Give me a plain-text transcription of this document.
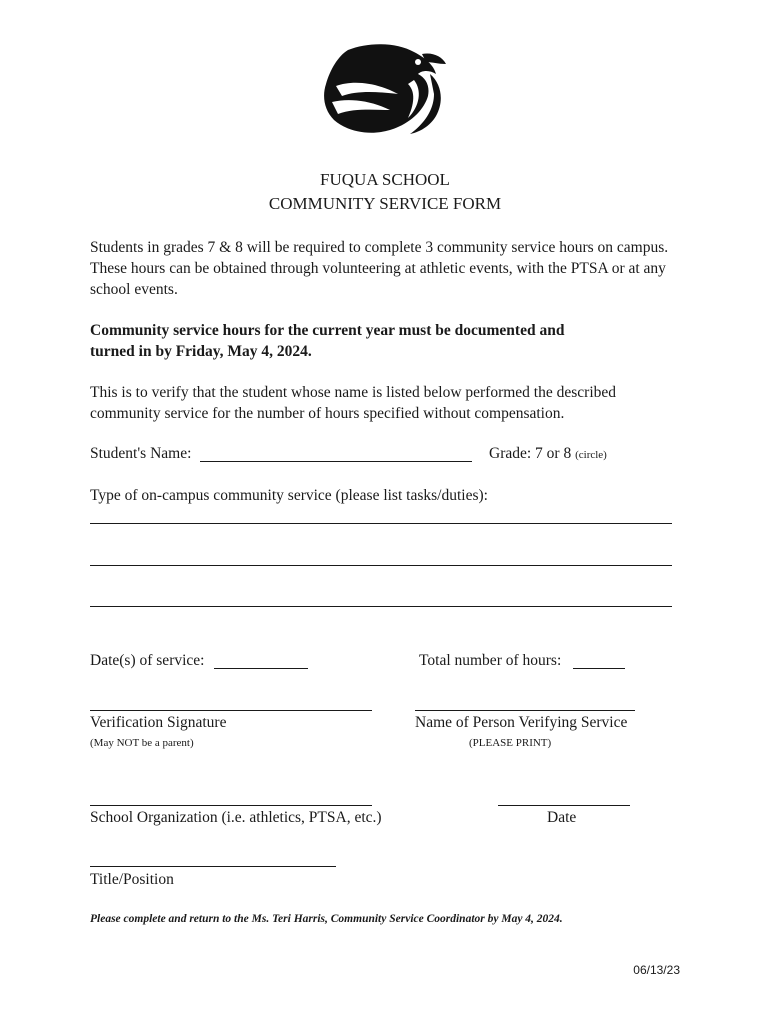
FUQUA SCHOOL
COMMUNITY SERVICE FORM
Students in grades 7 & 8 will be required to complete 3 community service hours on campus. These hours can be obtained through volunteering at athletic events, with the PTSA or at any school events.
Community service hours for the current year must be documented and
turned in by Friday, May 4, 2024.
This is to verify that the student whose name is listed below performed the described community service for the number of hours specified without compensation.
Student's Name:	Grade: 7 or 8 (circle)
Type of on-campus community service (please list tasks/duties):
Date(s) of service:	Total number of hours:
Verification Signature
(May NOT be a parent)
Name of Person Verifying Service
(PLEASE PRINT)
School Organization (i.e. athletics, PTSA, etc.)	Date
Title/Position
Please complete and return to the Ms. Teri Harris, Community Service Coordinator by May 4, 2024.
06/13/23
